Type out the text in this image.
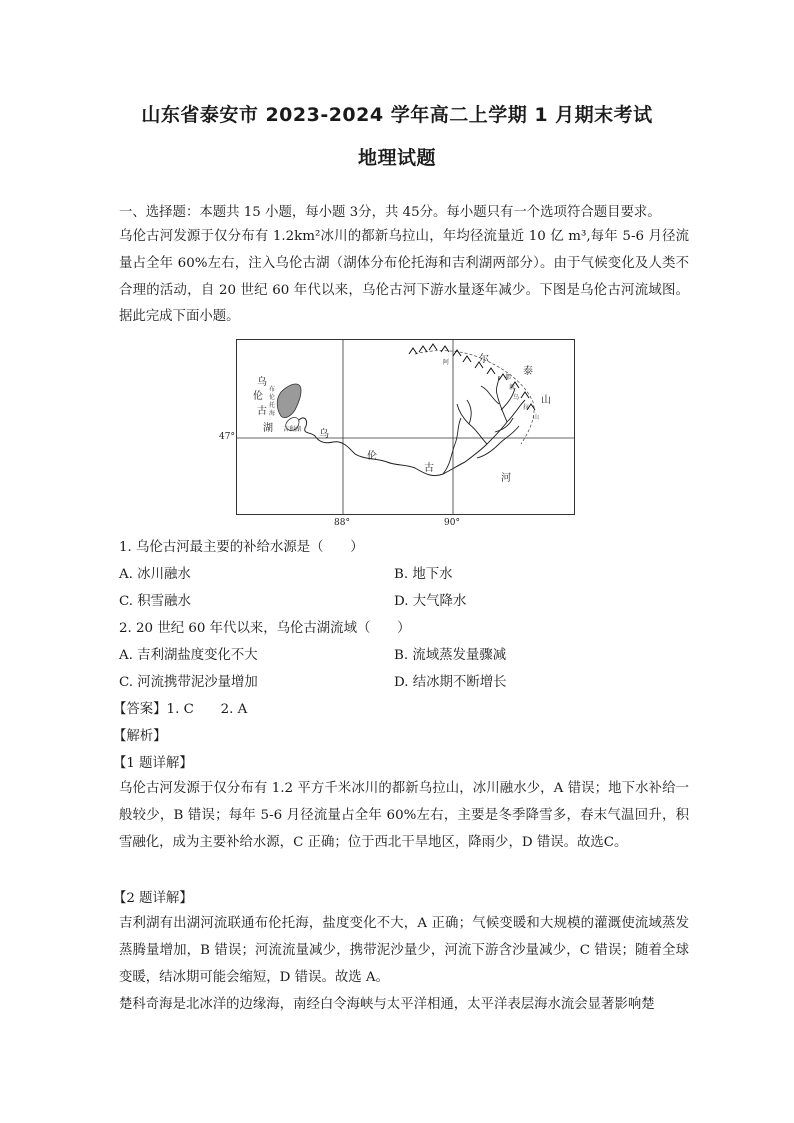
山东省泰安市 2023-2024 学年高二上学期 1 月期末考试
地理试题
一、选择题：本题共 15 小题，每小题 3分，共 45分。每小题只有一个选项符合题目要求。
乌伦古河发源于仅分布有 1.2km²冰川的都新乌拉山，年均径流量近 10 亿 m³,每年 5-6 月径流量占全年 60%左右，注入乌伦古湖（湖体分布伦托海和吉利湖两部分）。由于气候变化及人类不合理的活动，自 20 世纪 60 年代以来，乌伦古河下游水量逐年减少。下图是乌伦古河流域图。据此完成下面小题。
乌
伦
古
湖
布
伦
托
海
吉利湖 乌
伦
古
河
阿	尔
泰
山
都
新
乌
拉
山
47°
88°	90°
1. 乌伦古河最主要的补给水源是（　　）
A. 冰川融水	B. 地下水
C. 积雪融水	D. 大气降水
2. 20 世纪 60 年代以来，乌伦古湖流域（　　）
A. 吉利湖盐度变化不大	B. 流域蒸发量骤减
C. 河流携带泥沙量增加	D. 结冰期不断增长
【答案】1. C　　2. A
【解析】
【1 题详解】
乌伦古河发源于仅分布有 1.2 平方千米冰川的都新乌拉山，冰川融水少，A 错误；地下水补给一般较少，B 错误；每年 5-6 月径流量占全年 60%左右，主要是冬季降雪多，春末气温回升，积雪融化，成为主要补给水源，C 正确；位于西北干旱地区，降雨少，D 错误。故选C。
【2 题详解】
吉利湖有出湖河流联通布伦托海，盐度变化不大，A 正确；气候变暖和大规模的灌溉使流域蒸发蒸腾量增加，B 错误；河流流量减少，携带泥沙量少，河流下游含沙量减少，C 错误；随着全球变暖，结冰期可能会缩短，D 错误。故选 A。
楚科奇海是北冰洋的边缘海，南经白令海峡与太平洋相通，太平洋表层海水流会显著影响楚
